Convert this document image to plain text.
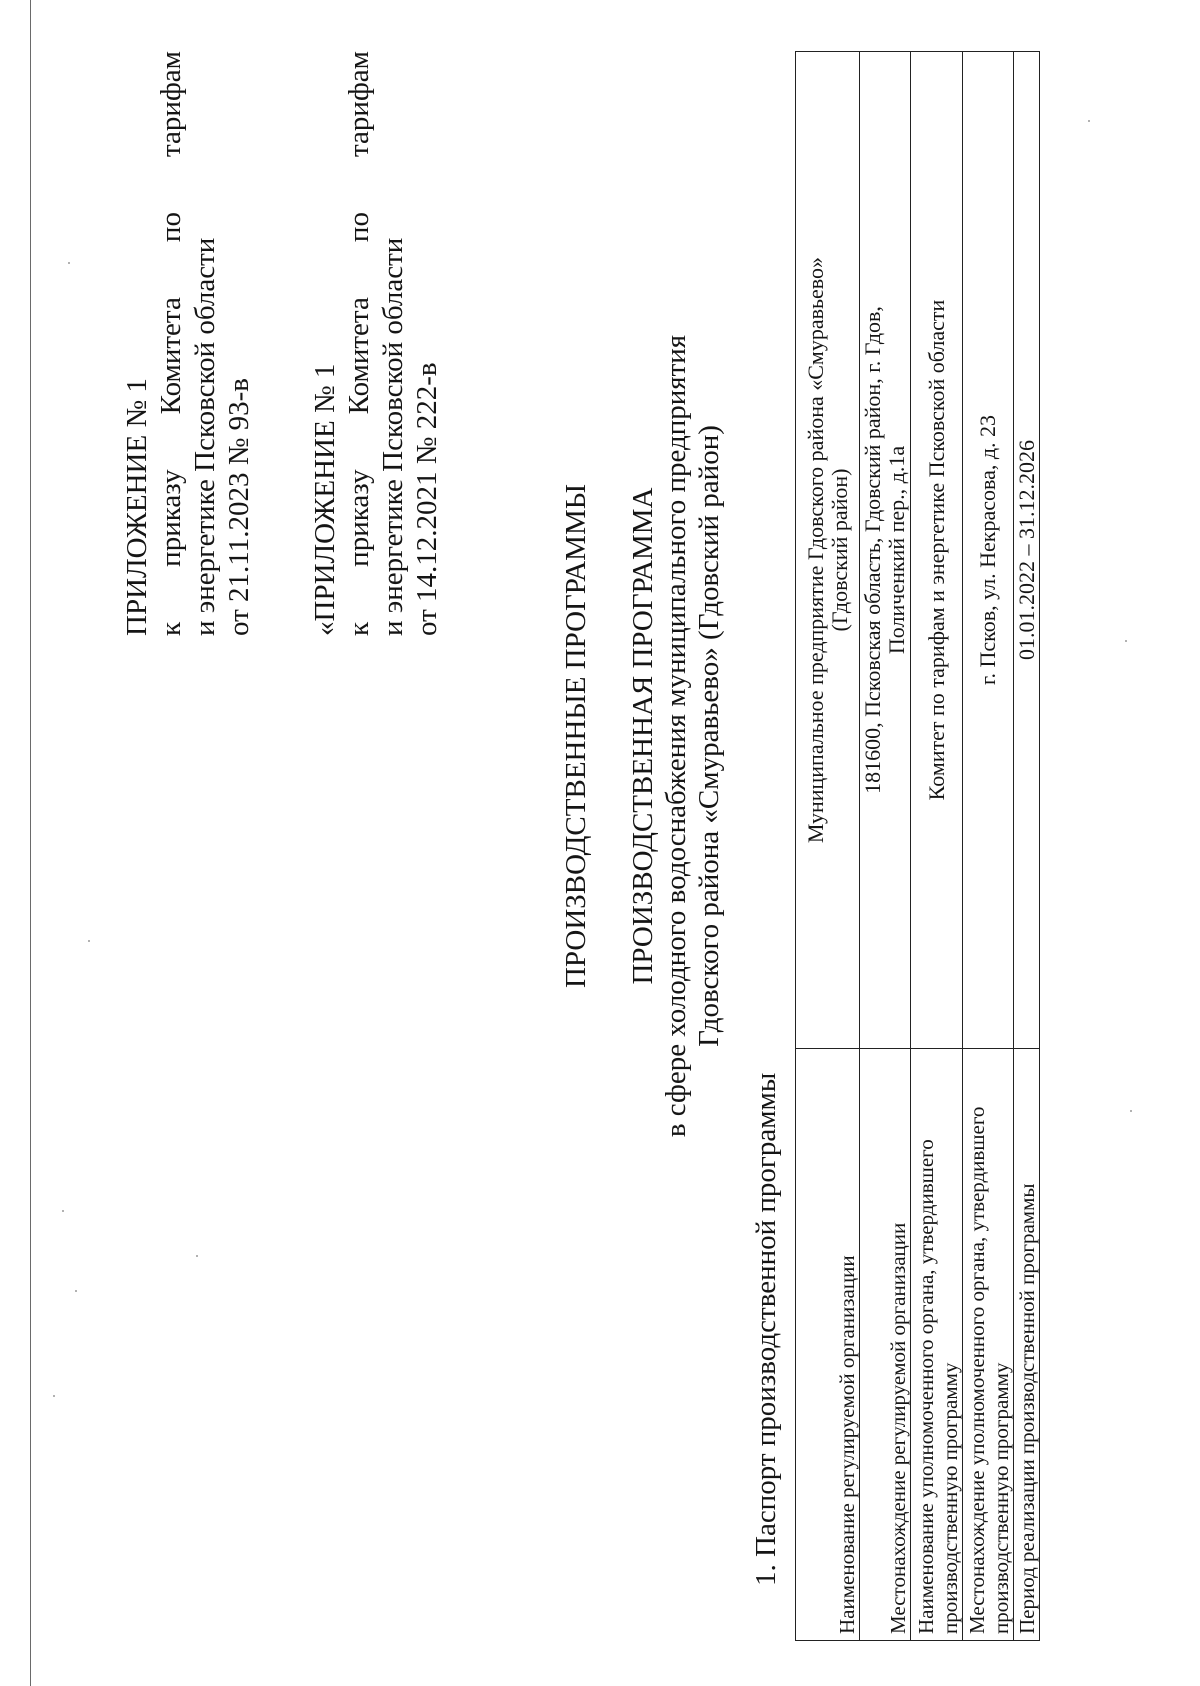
ПРИЛОЖЕНИЕ № 1 к
приказу
Комитета
по
тарифам
и энергетике Псковской области от 21.11.2023 № 93-в «ПРИЛОЖЕНИЕ № 1 к
приказу
Комитета
по
тарифам
и энергетике Псковской области от 14.12.2021 № 222-в	ПРОИЗВОДСТВЕННЫЕ ПРОГРАММЫ ПРОИЗВОДСТВЕННАЯ ПРОГРАММА в сфере холодного водоснабжения муниципального предприятия Гдовского района «Смуравьево» (Гдовский район)
1. Паспорт производственной программы	Наименование регулируемой организации	Муниципальное предприятие Гдовского района «Смуравьево» (Гдовский район)

Местонахождение регулируемой организации	181600, Псковская область, Гдовский район, г. Гдов, Поличенкий пер., д.1а

Наименование уполномоченного органа, утвердившего производственную программу	Комитет по тарифам и энергетике Псковской области

Местонахождение уполномоченного органа, утвердившего производственную программу	г. Псков, ул. Некрасова, д. 23

Период реализации производственной программы	01.01.2022 – 31.12.2026
